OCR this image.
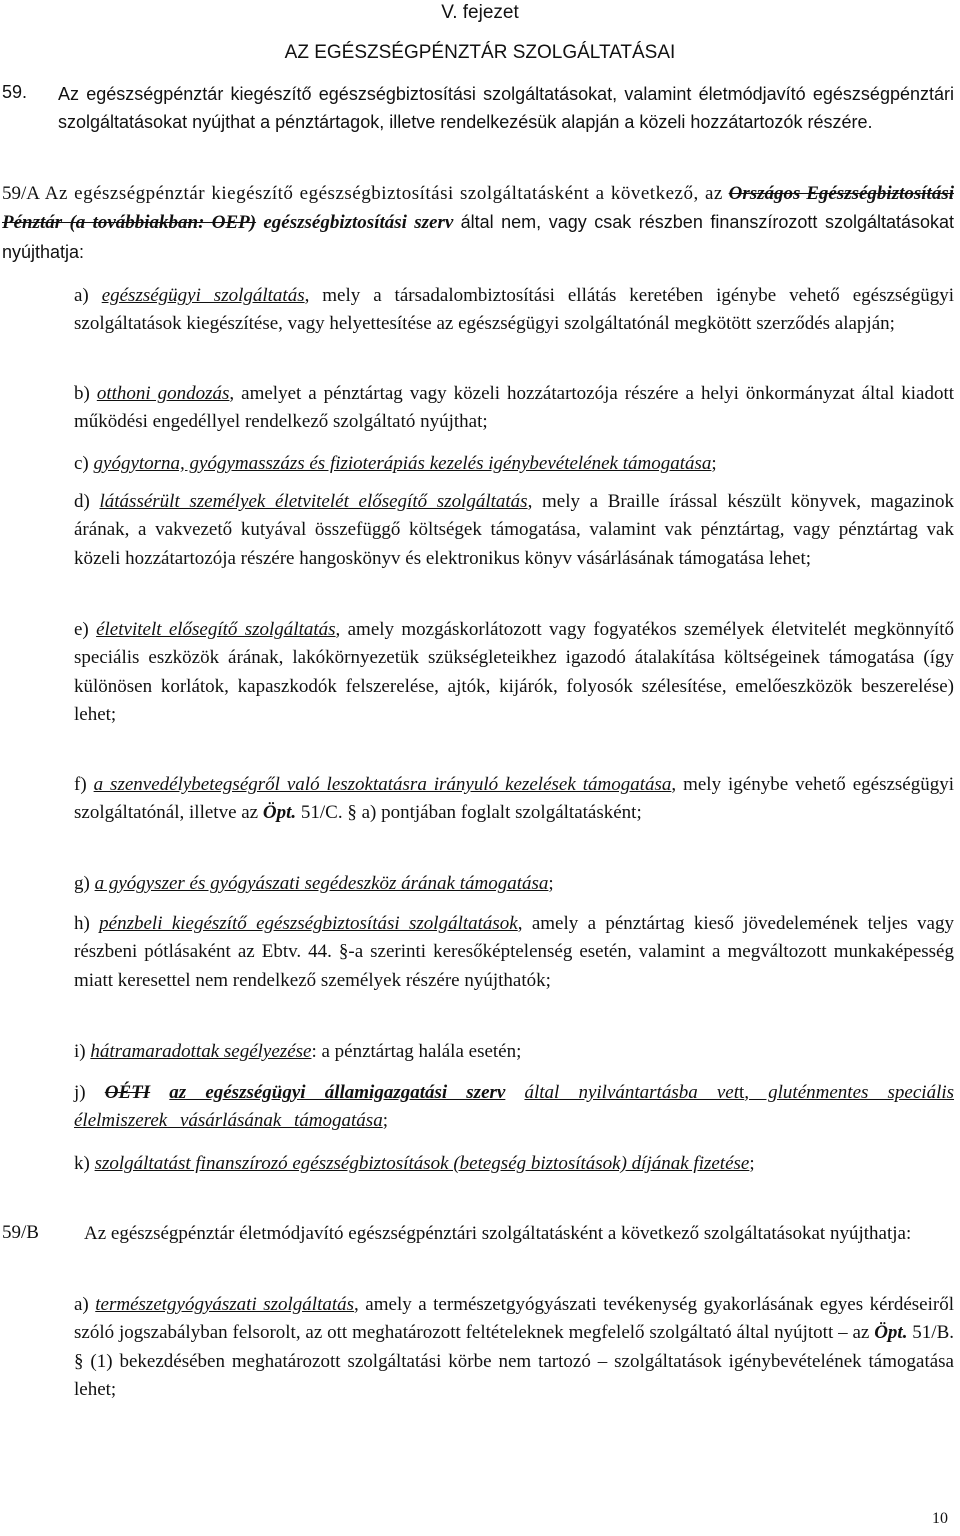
V. fejezet
AZ EGÉSZSÉGPÉNZTÁR SZOLGÁLTATÁSAI
59. Az egészségpénztár kiegészítő egészségbiztosítási szolgáltatásokat, valamint életmódjavító egészségpénztári szolgáltatásokat nyújthat a pénztártagok, illetve rendelkezésük alapján a közeli hozzátartozók részére.

59/A Az egészségpénztár kiegészítő egészségbiztosítási szolgáltatásként a következő, az Országos Egészségbiztosítási Pénztár (a továbbiakban: OEP) egészségbiztosítási szerv által nem, vagy csak részben finanszírozott szolgáltatásokat nyújthatja:

a) egészségügyi szolgáltatás, mely a társadalombiztosítási ellátás keretében igénybe vehető egészségügyi szolgáltatások kiegészítése, vagy helyettesítése az egészségügyi szolgáltatónál megkötött szerződés alapján;

b) otthoni gondozás, amelyet a pénztártag vagy közeli hozzátartozója részére a helyi önkormányzat által kiadott működési engedéllyel rendelkező szolgáltató nyújthat;

c) gyógytorna, gyógymasszázs és fizioterápiás kezelés igénybevételének támogatása;

d) látássérült személyek életvitelét elősegítő szolgáltatás, mely a Braille írással készült könyvek, magazinok árának, a vakvezető kutyával összefüggő költségek támogatása, valamint vak pénztártag, vagy pénztártag vak közeli hozzátartozója részére hangoskönyv és elektronikus könyv vásárlásának támogatása lehet;

e) életvitelt elősegítő szolgáltatás, amely mozgáskorlátozott vagy fogyatékos személyek életvitelét megkönnyítő speciális eszközök árának, lakókörnyezetük szükségleteikhez igazodó átalakítása költségeinek támogatása (így különösen korlátok, kapaszkodók felszerelése, ajtók, kijárók, folyosók szélesítése, emelőeszközök beszerelése) lehet;

f) a szenvedélybetegségről való leszoktatásra irányuló kezelések támogatása, mely igénybe vehető egészségügyi szolgáltatónál, illetve az Öpt. 51/C. § a) pontjában foglalt szolgáltatásként;

g) a gyógyszer és gyógyászati segédeszköz árának támogatása;

h) pénzbeli kiegészítő egészségbiztosítási szolgáltatások, amely a pénztártag kieső jövedelemének teljes vagy részbeni pótlásaként az Ebtv. 44. §-a szerinti keresőképtelenség esetén, valamint a megváltozott munkaképesség miatt keresettel nem rendelkező személyek részére nyújthatók;

i) hátramaradottak segélyezése: a pénztártag halála esetén;

j) OÉTI az egészségügyi államigazgatási szerv által nyilvántartásba vett, gluténmentes speciális élelmiszerek vásárlásának támogatása;

k) szolgáltatást finanszírozó egészségbiztosítások (betegség biztosítások) díjának fizetése;

59/B	Az egészségpénztár életmódjavító egészségpénztári szolgáltatásként a következő szolgáltatásokat nyújthatja:

a) természetgyógyászati szolgáltatás, amely a természetgyógyászati tevékenység gyakorlásának egyes kérdéseiről szóló jogszabályban felsorolt, az ott meghatározott feltételeknek megfelelő szolgáltató által nyújtott – az Öpt. 51/B. § (1) bekezdésében meghatározott szolgáltatási körbe nem tartozó – szolgáltatások igénybevételének támogatása lehet;

10
